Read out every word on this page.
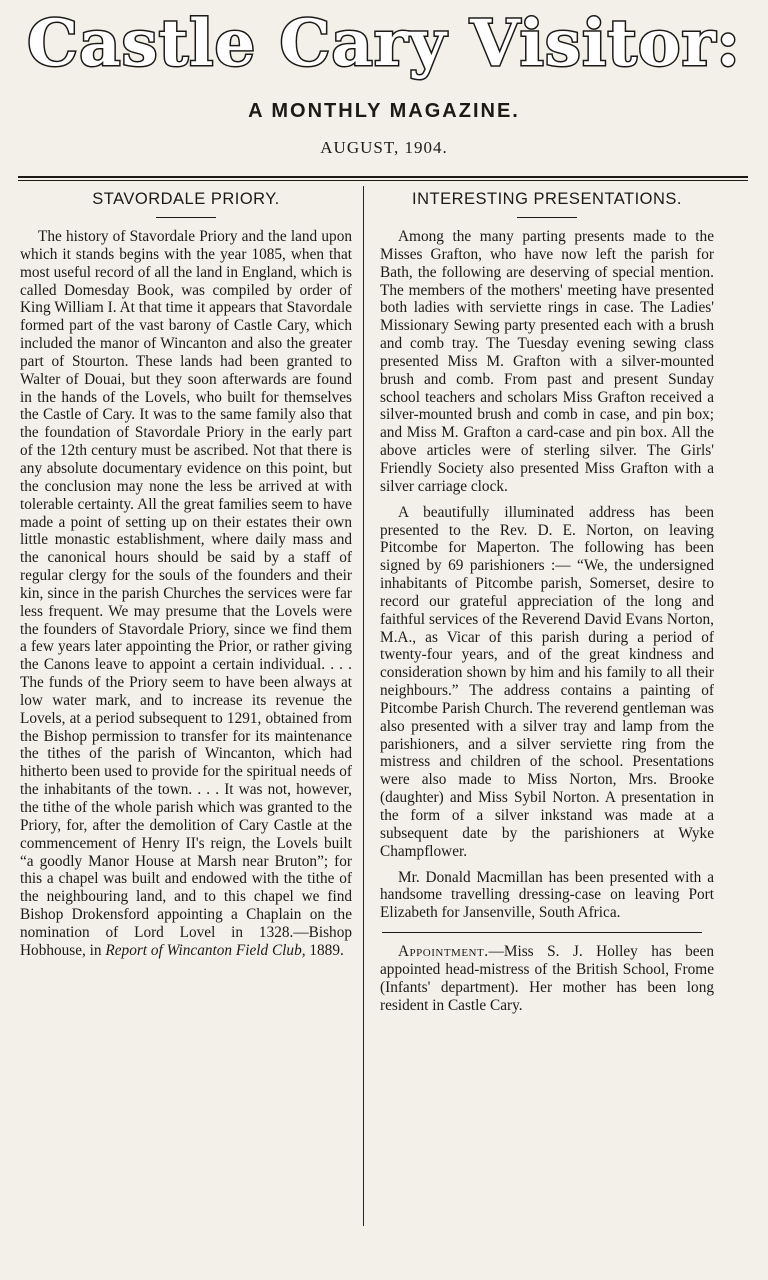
Castle Cary Visitor:
A MONTHLY MAGAZINE.
AUGUST, 1904.
STAVORDALE PRIORY.

The history of Stavordale Priory and the land upon which it stands begins with the year 1085, when that most useful record of all the land in England, which is called Domesday Book, was compiled by order of King William I. At that time it appears that Stavordale formed part of the vast barony of Castle Cary, which included the manor of Wincanton and also the greater part of Stourton. These lands had been granted to Walter of Douai, but they soon afterwards are found in the hands of the Lovels, who built for themselves the Castle of Cary. It was to the same family also that the foundation of Stavordale Priory in the early part of the 12th century must be ascribed. Not that there is any absolute documentary evidence on this point, but the conclusion may none the less be arrived at with tolerable certainty. All the great families seem to have made a point of setting up on their estates their own little monastic establishment, where daily mass and the canonical hours should be said by a staff of regular clergy for the souls of the founders and their kin, since in the parish Churches the services were far less frequent. We may presume that the Lovels were the founders of Stavordale Priory, since we find them a few years later appointing the Prior, or rather giving the Canons leave to appoint a certain individual. . . . The funds of the Priory seem to have been always at low water mark, and to increase its revenue the Lovels, at a period subsequent to 1291, obtained from the Bishop permission to transfer for its maintenance the tithes of the parish of Wincanton, which had hitherto been used to provide for the spiritual needs of the inhabitants of the town. . . . It was not, however, the tithe of the whole parish which was granted to the Priory, for, after the demolition of Cary Castle at the commencement of Henry II's reign, the Lovels built “a goodly Manor House at Marsh near Bruton”; for this a chapel was built and endowed with the tithe of the neighbouring land, and to this chapel we find Bishop Drokensford appointing a Chaplain on the nomination of Lord Lovel in 1328.—Bishop Hobhouse, in Report of Wincanton Field Club, 1889.

INTERESTING PRESENTATIONS.

Among the many parting presents made to the Misses Grafton, who have now left the parish for Bath, the following are deserving of special mention. The members of the mothers' meeting have presented both ladies with serviette rings in case. The Ladies' Missionary Sewing party presented each with a brush and comb tray. The Tuesday evening sewing class presented Miss M. Grafton with a silver-mounted brush and comb. From past and present Sunday school teachers and scholars Miss Grafton received a silver-mounted brush and comb in case, and pin box; and Miss M. Grafton a card-case and pin box. All the above articles were of sterling silver. The Girls' Friendly Society also presented Miss Grafton with a silver carriage clock.

A beautifully illuminated address has been presented to the Rev. D. E. Norton, on leaving Pitcombe for Maperton. The following has been signed by 69 parishioners :— “We, the undersigned inhabitants of Pitcombe parish, Somerset, desire to record our grateful appreciation of the long and faithful services of the Reverend David Evans Norton, M.A., as Vicar of this parish during a period of twenty-four years, and of the great kindness and consideration shown by him and his family to all their neighbours.” The address contains a painting of Pitcombe Parish Church. The reverend gentleman was also presented with a silver tray and lamp from the parishioners, and a silver serviette ring from the mistress and children of the school. Presentations were also made to Miss Norton, Mrs. Brooke (daughter) and Miss Sybil Norton. A presentation in the form of a silver inkstand was made at a subsequent date by the parishioners at Wyke Champflower.

Mr. Donald Macmillan has been presented with a handsome travelling dressing-case on leaving Port Elizabeth for Jansenville, South Africa.

Appointment.—Miss S. J. Holley has been appointed head-mistress of the British School, Frome (Infants' department). Her mother has been long resident in Castle Cary.
